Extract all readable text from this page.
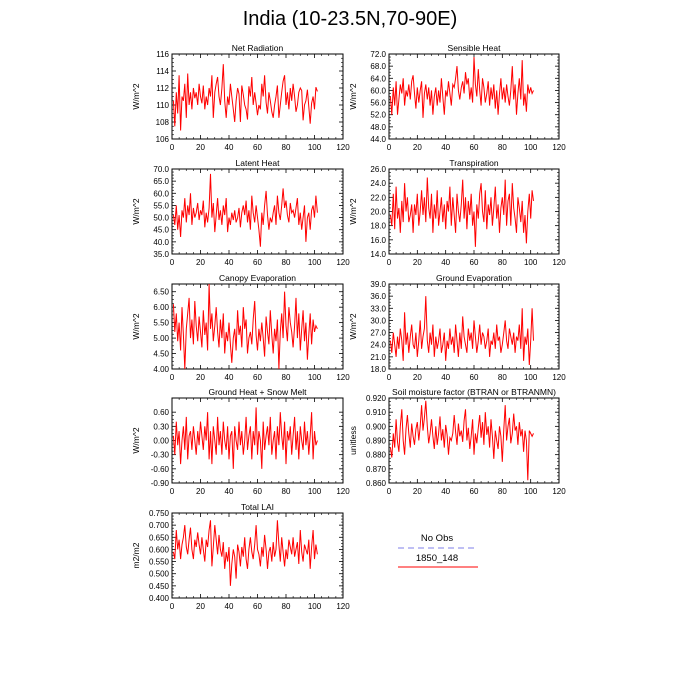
India (10-23.5N,70-90E)
0	20 40 60 80 100 120
106
108
110
112
114
116
Net Radiation
W/m^2
0	20 40 60 80 100 120
44.0
48.0
52.0
56.0
60.0
64.0
68.0
72.0
Sensible Heat
W/m^2
0	20 40 60 80 100 120
35.0
40.0
45.0
50.0
55.0
60.0
65.0
70.0
Latent Heat
W/m^2
0	20 40 60 80 100 120
14.0
16.0
18.0
20.0
22.0
24.0
26.0
Transpiration
W/m^2
0	20 40 60 80 100 120
4.00
4.50
5.00
5.50
6.00
6.50
Canopy Evaporation
W/m^2
0	20 40 60 80 100 120
18.0
21.0
24.0
27.0
30.0
33.0
36.0
39.0
Ground Evaporation
W/m^2
0	20 40 60 80 100 120
-0.90
-0.60
-0.30
0.00
0.30
0.60
Ground Heat + Snow Melt
W/m^2
0	20 40 60 80 100 120
0.860
0.870
0.880
0.890
0.900
0.910
0.920
Soil moisture factor (BTRAN or BTRANMN)
unitless
0	20 40 60 80 100 120
0.400
0.450
0.500
0.550
0.600
0.650
0.700
0.750
Total LAI
m2/m2
No Obs
1850_148
